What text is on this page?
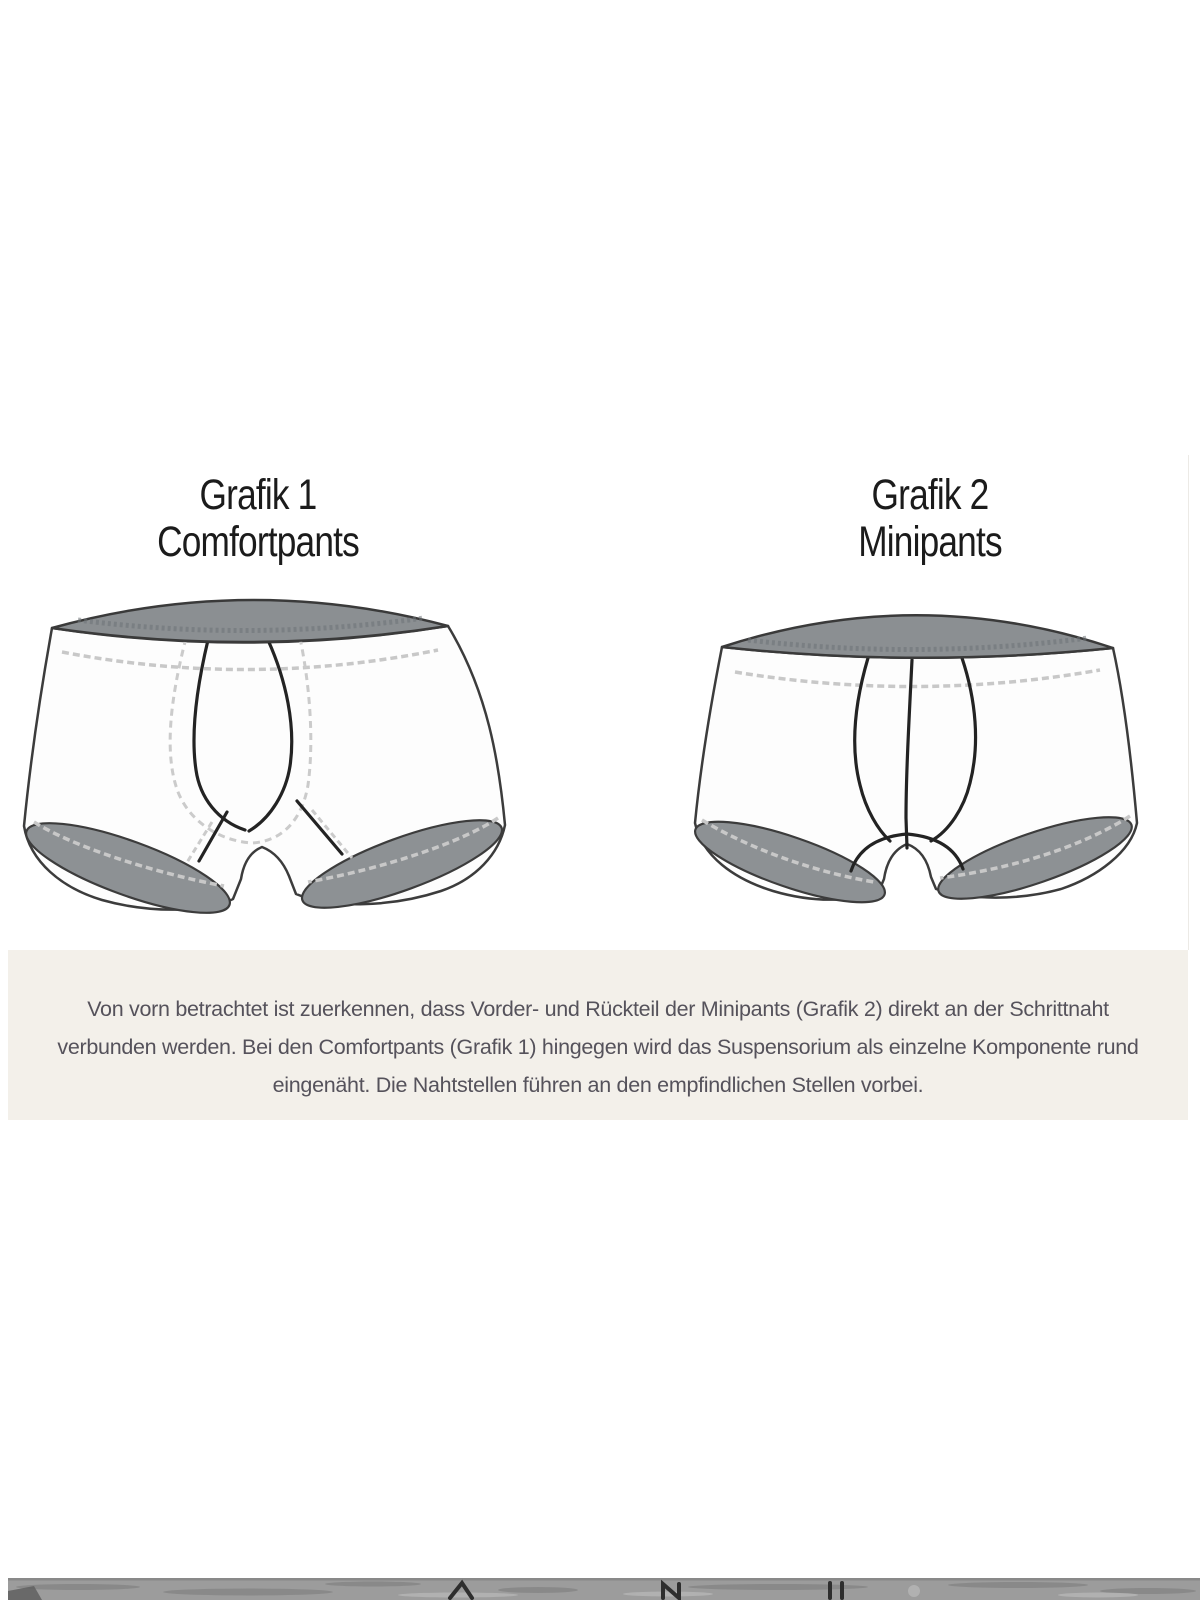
Grafik 1
Comfortpants
Grafik 2
Minipants
Von vorn betrachtet ist zuerkennen, dass Vorder- und Rückteil der Minipants (Grafik 2) direkt an der Schrittnaht
verbunden werden. Bei den Comfortpants (Grafik 1) hingegen wird das Suspensorium als einzelne Komponente rund
eingenäht. Die Nahtstellen führen an den empfindlichen Stellen vorbei.
